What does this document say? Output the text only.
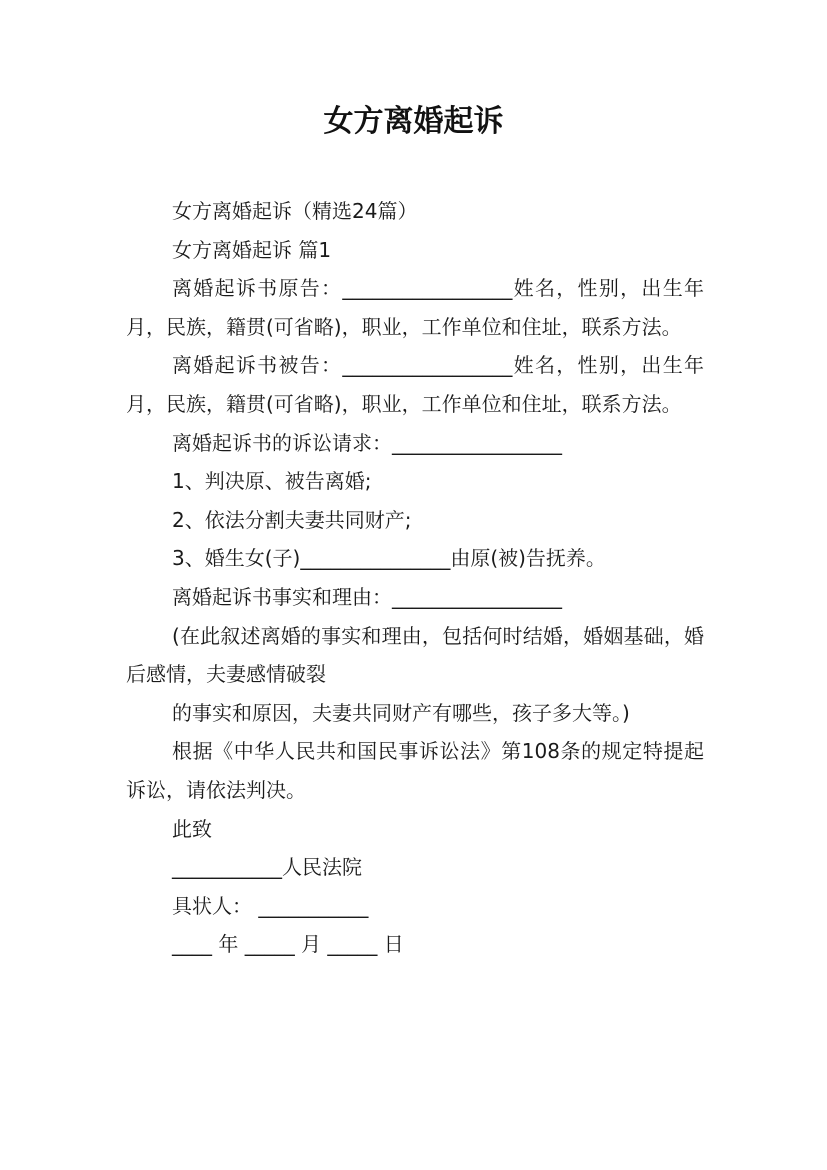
女方离婚起诉

女方离婚起诉（精选24篇）

女方离婚起诉 篇1

离婚起诉书原告：_________________姓名，性别，出生年月，民族，籍贯(可省略)，职业，工作单位和住址，联系方法。

离婚起诉书被告：_________________姓名，性别，出生年月，民族，籍贯(可省略)，职业，工作单位和住址，联系方法。

离婚起诉书的诉讼请求：_________________

1、判决原、被告离婚;

2、依法分割夫妻共同财产;

3、婚生女(子)_______________由原(被)告抚养。

离婚起诉书事实和理由：_________________

(在此叙述离婚的事实和理由，包括何时结婚，婚姻基础，婚后感情，夫妻感情破裂

的事实和原因，夫妻共同财产有哪些，孩子多大等。)

根据《中华人民共和国民事诉讼法》第108条的规定特提起诉讼，请依法判决。

此致

___________人民法院

具状人： ___________

____ 年 _____ 月 _____ 日
